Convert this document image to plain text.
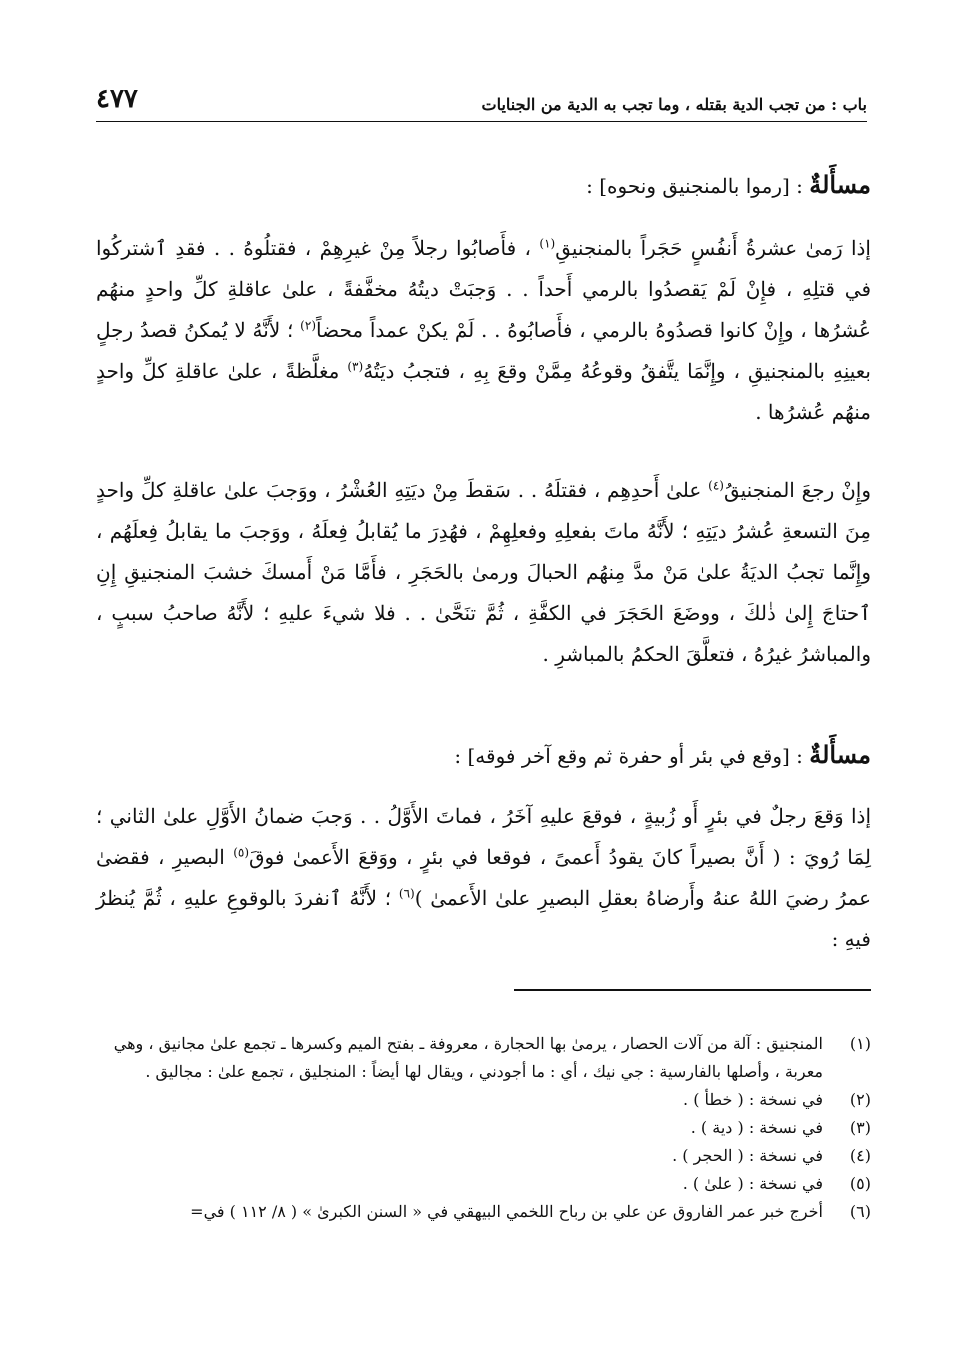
باب : من تجب الدية بقتله ، وما تجب به الدية من الجنايات
٤٧٧
مسأَلةٌ : [رموا بالمنجنيق ونحوه] :

إذا رَمىٰ عشرةُ أَنفُسٍ حَجَراً بالمنجنيقِ$^{(١)}$ ، فأَصابُوا رجلاً مِنْ غيرِهِمْ ، فقتلُوهُ . . فقدِ ٱشتركُوا في قتلِهِ ، فإِنْ لَمْ يَقصدُوا بالرمي أَحداً . . وَجبَتْ ديتُهُ مخفَّفةً ، علىٰ عاقلةِ كلِّ واحدٍ منهُم عُشرُها ، وإِنْ كانوا قصدُوهُ بالرمي ، فأَصابُوهُ . . لَمْ يكنْ عمداً محضاً$^{(٢)}$ ؛ لأَنَّهُ لا يُمكنُ قصدُ رجلٍ بعينِهِ بالمنجنيقِ ، وإِنَّمَا يتَّفقُ وقوعُهُ مِمَّنْ وقعَ بِهِ ، فتجبُ ديَتُهُ$^{(٣)}$ مغلَّظةً ، علىٰ عاقلةِ كلِّ واحدٍ منهُم عُشرُها .

وإِنْ رجعَ المنجنيقُ$^{(٤)}$ علىٰ أَحدِهِم ، فقتلَهُ . . سَقطَ مِنْ ديَتِهِ العُشْرُ ، ووَجبَ علىٰ عاقلةِ كلِّ واحدٍ مِنَ التسعةِ عُشرُ ديَتِهِ ؛ لأَنَّهُ ماتَ بفعلِهِ وفعلِهِمْ ، فهُدِرَ ما يُقابلُ فِعلَهُ ، ووَجبَ ما يقابلُ فِعلَهُم ، وإِنَّما تجبُ الديَةُ علىٰ مَنْ مدَّ مِنهُم الحبالَ ورمىٰ بالحَجَرِ ، فأَمَّا مَنْ أَمسكَ خشبَ المنجنيقِ إِنِ ٱحتاجَ إِلىٰ ذٰلكَ ، ووضَعَ الحَجَرَ في الكفَّةِ ، ثُمَّ تنَحَّىٰ . . فلا شيءَ عليهِ ؛ لأَنَّهُ صاحبُ سببٍ ، والمباشرُ غيرُهُ ، فتعلَّقَ الحكمُ بالمباشرِ .

مسأَلةٌ : [وقع في بئر أو حفرة ثم وقع آخر فوقه] :

إذا وَقعَ رجلٌ في بئرٍ أَو زُبيةٍ ، فوقعَ عليهِ آخَرُ ، فماتَ الأَوَّلُ . . وَجبَ ضمانُ الأَوَّلِ علىٰ الثاني ؛ لِمَا رُويَ : ( أَنَّ بصيراً كانَ يقودُ أَعمىً ، فوقعا في بئرٍ ، ووَقعَ الأَعمىٰ فوقَ$^{(٥)}$ البصيرِ ، فقضىٰ عمرُ رضيَ اللهُ عنهُ وأَرضاهُ بعقلِ البصيرِ علىٰ الأَعمىٰ )$^{(٦)}$ ؛ لأَنَّهُ ٱنفردَ بالوقوعِ عليهِ ، ثُمَّ يُنظرُ فيهِ :

(١)
المنجنيق : آلة من آلات الحصار ، يرمىٰ بها الحجارة ، معروفة ـ بفتح الميم وكسرها ـ تجمع علىٰ مجانيق ، وهي معربة ، وأصلها بالفارسية : جي نيك ، أي : ما أجودني ، ويقال لها أيضاً : المنجليق ، تجمع علىٰ : مجاليق .
(٢)
في نسخة : ( خطأ ) .
(٣)
في نسخة : ( دية ) .
(٤)
في نسخة : ( الحجر ) .
(٥)
في نسخة : ( علىٰ ) .
(٦)
أخرج خبر عمر الفاروق عن علي بن رباح اللخمي البيهقي في « السنن الكبرىٰ » ( ٨/ ١١٢ ) في=
